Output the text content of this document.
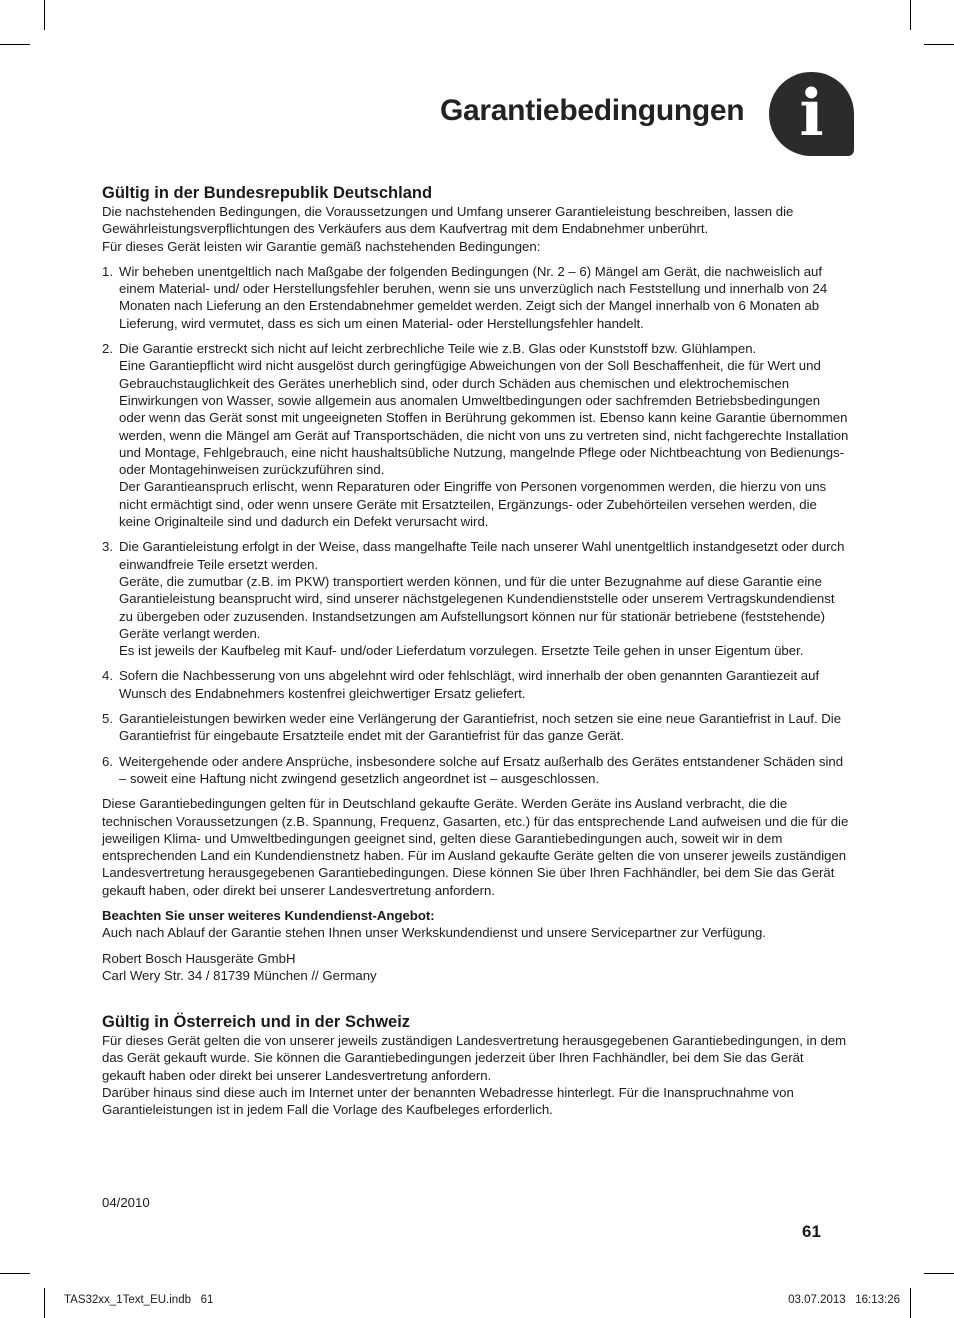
Garantiebedingungen i
Gültig in der Bundesrepublik Deutschland

Die nachstehenden Bedingungen, die Voraussetzungen und Umfang unserer Garantieleistung beschreiben, lassen die Gewährleistungsverpflichtungen des Verkäufers aus dem Kaufvertrag mit dem Endabnehmer unberührt.

Für dieses Gerät leisten wir Garantie gemäß nachstehenden Bedingungen:

1. Wir beheben unentgeltlich nach Maßgabe der folgenden Bedingungen (Nr. 2 – 6) Mängel am Gerät, die nachweislich auf einem Material- und/ oder Herstellungsfehler beruhen, wenn sie uns unverzüglich nach Feststellung und innerhalb von 24 Monaten nach Lieferung an den Erstendabnehmer gemeldet werden. Zeigt sich der Mangel innerhalb von 6 Monaten ab Lieferung, wird vermutet, dass es sich um einen Material- oder Herstellungsfehler handelt.

2. Die Garantie erstreckt sich nicht auf leicht zerbrechliche Teile wie z.B. Glas oder Kunststoff bzw. Glühlampen.

Eine Garantiepflicht wird nicht ausgelöst durch geringfügige Abweichungen von der Soll Beschaffenheit, die für Wert und Gebrauchstauglichkeit des Gerätes unerheblich sind, oder durch Schäden aus chemischen und elektrochemischen Einwirkungen von Wasser, sowie allgemein aus anomalen Umweltbedingungen oder sachfremden Betriebsbedingungen oder wenn das Gerät sonst mit ungeeigneten Stoffen in Berührung gekommen ist. Ebenso kann keine Garantie übernommen werden, wenn die Mängel am Gerät auf Transportschäden, die nicht von uns zu vertreten sind, nicht fachgerechte Installation und Montage, Fehlgebrauch, eine nicht haushaltsübliche Nutzung, mangelnde Pflege oder Nichtbeachtung von Bedienungs- oder Montagehinweisen zurückzuführen sind.

Der Garantieanspruch erlischt, wenn Reparaturen oder Eingriffe von Personen vorgenommen werden, die hierzu von uns nicht ermächtigt sind, oder wenn unsere Geräte mit Ersatzteilen, Ergänzungs- oder Zubehörteilen versehen werden, die keine Originalteile sind und dadurch ein Defekt verursacht wird.

3. Die Garantieleistung erfolgt in der Weise, dass mangelhafte Teile nach unserer Wahl unentgeltlich instandgesetzt oder durch einwandfreie Teile ersetzt werden.

Geräte, die zumutbar (z.B. im PKW) transportiert werden können, und für die unter Bezugnahme auf diese Garantie eine Garantieleistung beansprucht wird, sind unserer nächstgelegenen Kundendienststelle oder unserem Vertragskundendienst zu übergeben oder zuzusenden. Instandsetzungen am Aufstellungsort können nur für stationär betriebene (feststehende) Geräte verlangt werden.

Es ist jeweils der Kaufbeleg mit Kauf- und/oder Lieferdatum vorzulegen. Ersetzte Teile gehen in unser Eigentum über.

4. Sofern die Nachbesserung von uns abgelehnt wird oder fehlschlägt, wird innerhalb der oben genannten Garantiezeit auf Wunsch des Endabnehmers kostenfrei gleichwertiger Ersatz geliefert.

5. Garantieleistungen bewirken weder eine Verlängerung der Garantiefrist, noch setzen sie eine neue Garantiefrist in Lauf. Die Garantiefrist für eingebaute Ersatzteile endet mit der Garantiefrist für das ganze Gerät.

6. Weitergehende oder andere Ansprüche, insbesondere solche auf Ersatz außerhalb des Gerätes entstandener Schäden sind – soweit eine Haftung nicht zwingend gesetzlich angeordnet ist – ausgeschlossen.

Diese Garantiebedingungen gelten für in Deutschland gekaufte Geräte. Werden Geräte ins Ausland verbracht, die die technischen Voraussetzungen (z.B. Spannung, Frequenz, Gasarten, etc.) für das entsprechende Land aufweisen und die für die jeweiligen Klima- und Umweltbedingungen geeignet sind, gelten diese Garantiebedingungen auch, soweit wir in dem entsprechenden Land ein Kundendienstnetz haben. Für im Ausland gekaufte Geräte gelten die von unserer jeweils zuständigen Landesvertretung herausgegebenen Garantiebedingungen. Diese können Sie über Ihren Fachhändler, bei dem Sie das Gerät gekauft haben, oder direkt bei unserer Landesvertretung anfordern.

Beachten Sie unser weiteres Kundendienst-Angebot:

Auch nach Ablauf der Garantie stehen Ihnen unser Werkskundendienst und unsere Servicepartner zur Verfügung.

Robert Bosch Hausgeräte GmbH

Carl Wery Str. 34 / 81739 München // Germany

Gültig in Österreich und in der Schweiz

Für dieses Gerät gelten die von unserer jeweils zuständigen Landesvertretung herausgegebenen Garantiebedingungen, in dem das Gerät gekauft wurde. Sie können die Garantiebedingungen jederzeit über Ihren Fachhändler, bei dem Sie das Gerät gekauft haben oder direkt bei unserer Landesvertretung anfordern.

Darüber hinaus sind diese auch im Internet unter der benannten Webadresse hinterlegt. Für die Inanspruchnahme von Garantieleistungen ist in jedem Fall die Vorlage des Kaufbeleges erforderlich.

04/2010
61
TAS32xx_1Text_EU.indb   61	03.07.2013   16:13:26
